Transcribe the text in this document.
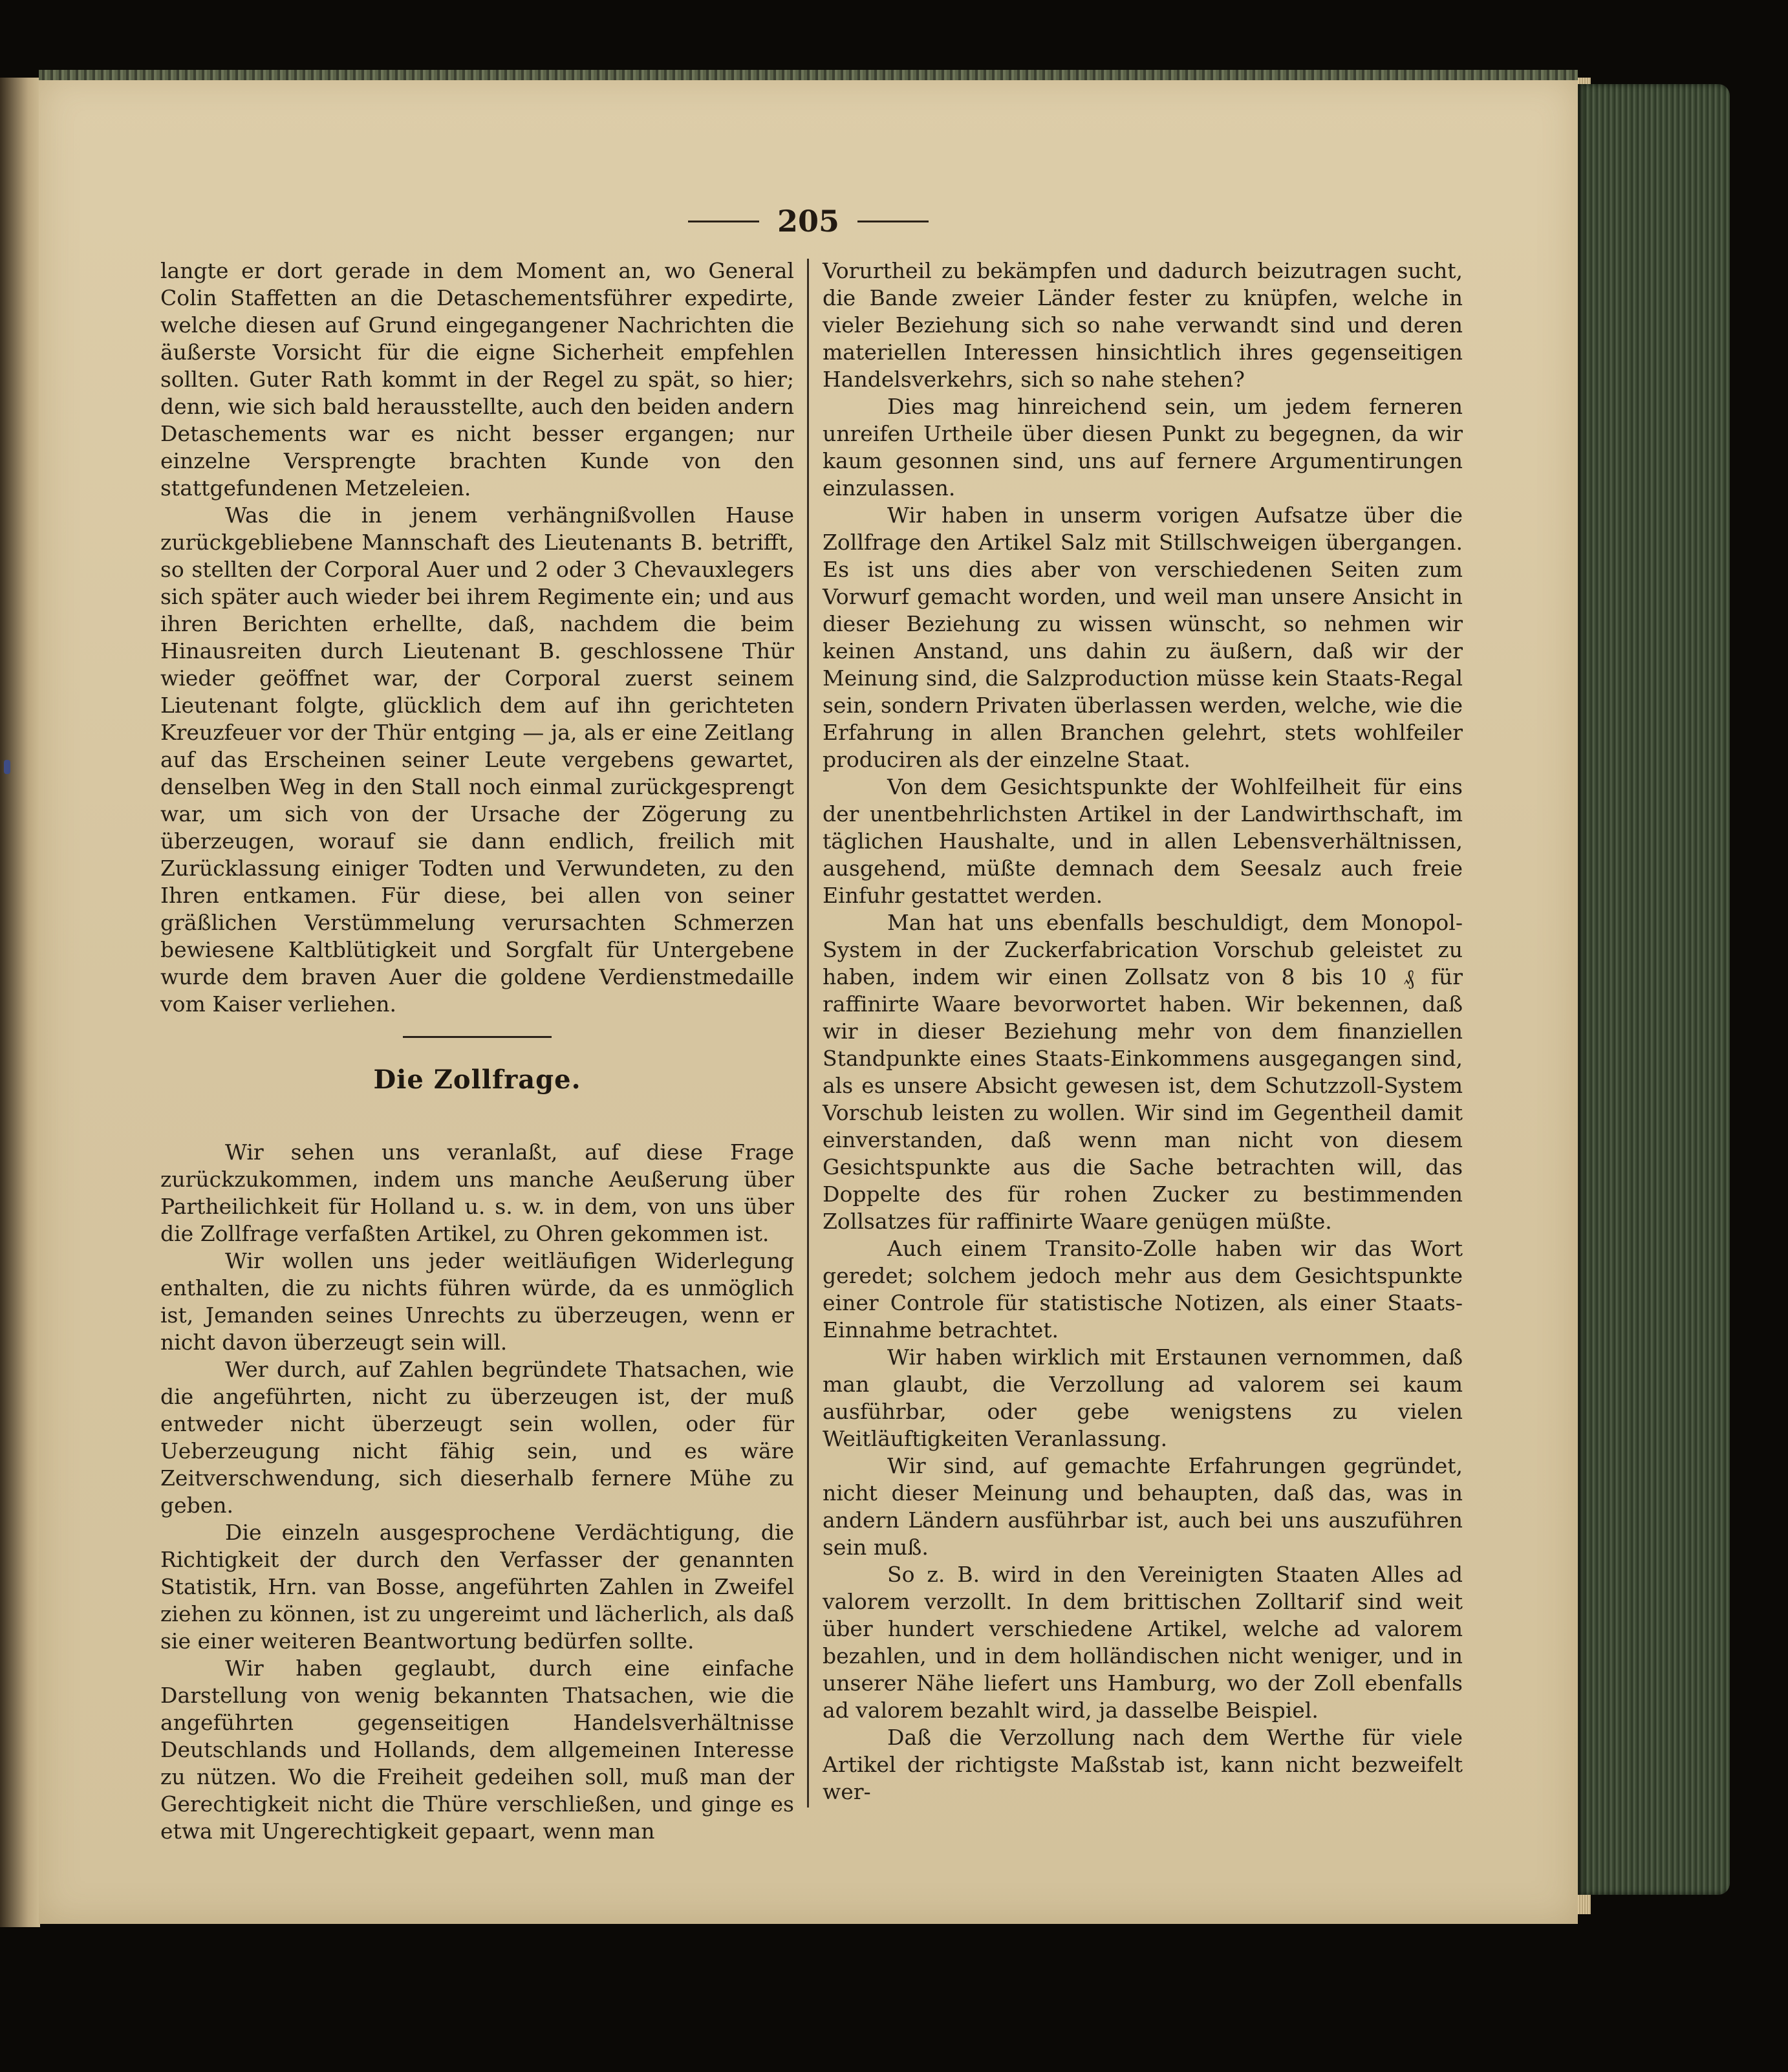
205

langte er dort gerade in dem Moment an, wo General Colin Staffetten an die Detaschementsführer expedirte, welche diesen auf Grund eingegangener Nachrichten die äußerste Vorsicht für die eigne Sicherheit empfehlen sollten. Guter Rath kommt in der Regel zu spät, so hier; denn, wie sich bald herausstellte, auch den beiden andern Detaschements war es nicht besser ergangen; nur einzelne Versprengte brachten Kunde von den stattgefundenen Metzeleien.

Was die in jenem verhängnißvollen Hause zurückgebliebene Mannschaft des Lieutenants B. betrifft, so stellten der Corporal Auer und 2 oder 3 Chevauxlegers sich später auch wieder bei ihrem Regimente ein; und aus ihren Berichten erhellte, daß, nachdem die beim Hinausreiten durch Lieutenant B. geschlossene Thür wieder geöffnet war, der Corporal zuerst seinem Lieutenant folgte, glücklich dem auf ihn gerichteten Kreuzfeuer vor der Thür entging — ja, als er eine Zeitlang auf das Erscheinen seiner Leute vergebens gewartet, denselben Weg in den Stall noch einmal zurückgesprengt war, um sich von der Ursache der Zögerung zu überzeugen, worauf sie dann endlich, freilich mit Zurücklassung einiger Todten und Verwundeten, zu den Ihren entkamen. Für diese, bei allen von seiner gräßlichen Verstümmelung verursachten Schmerzen bewiesene Kaltblütigkeit und Sorgfalt für Untergebene wurde dem braven Auer die goldene Verdienstmedaille vom Kaiser verliehen.

Die Zollfrage.

Wir sehen uns veranlaßt, auf diese Frage zurückzukommen, indem uns manche Aeußerung über Partheilichkeit für Holland u. s. w. in dem, von uns über die Zollfrage verfaßten Artikel, zu Ohren gekommen ist.

Wir wollen uns jeder weitläufigen Widerlegung enthalten, die zu nichts führen würde, da es unmöglich ist, Jemanden seines Unrechts zu überzeugen, wenn er nicht davon überzeugt sein will.

Wer durch, auf Zahlen begründete Thatsachen, wie die angeführten, nicht zu überzeugen ist, der muß entweder nicht überzeugt sein wollen, oder für Ueberzeugung nicht fähig sein, und es wäre Zeitverschwendung, sich dieserhalb fernere Mühe zu geben.

Die einzeln ausgesprochene Verdächtigung, die Richtigkeit der durch den Verfasser der genannten Statistik, Hrn. van Bosse, angeführten Zahlen in Zweifel ziehen zu können, ist zu ungereimt und lächerlich, als daß sie einer weiteren Beantwortung bedürfen sollte.

Wir haben geglaubt, durch eine einfache Darstellung von wenig bekannten Thatsachen, wie die angeführten gegenseitigen Handelsverhältnisse Deutschlands und Hollands, dem allgemeinen Interesse zu nützen. Wo die Freiheit gedeihen soll, muß man der Gerechtigkeit nicht die Thüre verschließen, und ginge es etwa mit Ungerechtigkeit gepaart, wenn man

Vorurtheil zu bekämpfen und dadurch beizutragen sucht, die Bande zweier Länder fester zu knüpfen, welche in vieler Beziehung sich so nahe verwandt sind und deren materiellen Interessen hinsichtlich ihres gegenseitigen Handelsverkehrs, sich so nahe stehen?

Dies mag hinreichend sein, um jedem ferneren unreifen Urtheile über diesen Punkt zu begegnen, da wir kaum gesonnen sind, uns auf fernere Argumentirungen einzulassen.

Wir haben in unserm vorigen Aufsatze über die Zollfrage den Artikel Salz mit Stillschweigen übergangen. Es ist uns dies aber von verschiedenen Seiten zum Vorwurf gemacht worden, und weil man unsere Ansicht in dieser Beziehung zu wissen wünscht, so nehmen wir keinen Anstand, uns dahin zu äußern, daß wir der Meinung sind, die Salzproduction müsse kein Staats-Regal sein, sondern Privaten überlassen werden, welche, wie die Erfahrung in allen Branchen gelehrt, stets wohlfeiler produciren als der einzelne Staat.

Von dem Gesichtspunkte der Wohlfeilheit für eins der unentbehrlichsten Artikel in der Landwirthschaft, im täglichen Haushalte, und in allen Lebensverhältnissen, ausgehend, müßte demnach dem Seesalz auch freie Einfuhr gestattet werden.

Man hat uns ebenfalls beschuldigt, dem Monopol-System in der Zuckerfabrication Vorschub geleistet zu haben, indem wir einen Zollsatz von 8 bis 10 ₰ für raffinirte Waare bevorwortet haben. Wir bekennen, daß wir in dieser Beziehung mehr von dem finanziellen Standpunkte eines Staats-Einkommens ausgegangen sind, als es unsere Absicht gewesen ist, dem Schutzzoll-System Vorschub leisten zu wollen. Wir sind im Gegentheil damit einverstanden, daß wenn man nicht von diesem Gesichtspunkte aus die Sache betrachten will, das Doppelte des für rohen Zucker zu bestimmenden Zollsatzes für raffinirte Waare genügen müßte.

Auch einem Transito-Zolle haben wir das Wort geredet; solchem jedoch mehr aus dem Gesichtspunkte einer Controle für statistische Notizen, als einer Staats-Einnahme betrachtet.

Wir haben wirklich mit Erstaunen vernommen, daß man glaubt, die Verzollung ad valorem sei kaum ausführbar, oder gebe wenigstens zu vielen Weitläuftigkeiten Veranlassung.

Wir sind, auf gemachte Erfahrungen gegründet, nicht dieser Meinung und behaupten, daß das, was in andern Ländern ausführbar ist, auch bei uns auszuführen sein muß.

So z. B. wird in den Vereinigten Staaten Alles ad valorem verzollt. In dem brittischen Zolltarif sind weit über hundert verschiedene Artikel, welche ad valorem bezahlen, und in dem holländischen nicht weniger, und in unserer Nähe liefert uns Hamburg, wo der Zoll ebenfalls ad valorem bezahlt wird, ja dasselbe Beispiel.

Daß die Verzollung nach dem Werthe für viele Artikel der richtigste Maßstab ist, kann nicht bezweifelt wer-
